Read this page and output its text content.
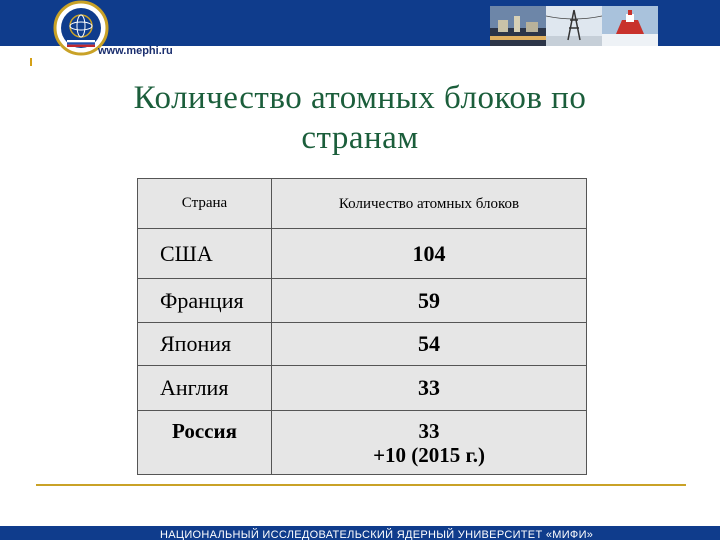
www.mephi.ru
Количество атомных блоков по
странам
Страна	Количество атомных блоков
США	104
Франция	59
Япония	54
Англия	33

Россия	33
+10 (2015 г.)
НАЦИОНАЛЬНЫЙ ИССЛЕДОВАТЕЛЬСКИЙ ЯДЕРНЫЙ УНИВЕРСИТЕТ «МИФИ»
